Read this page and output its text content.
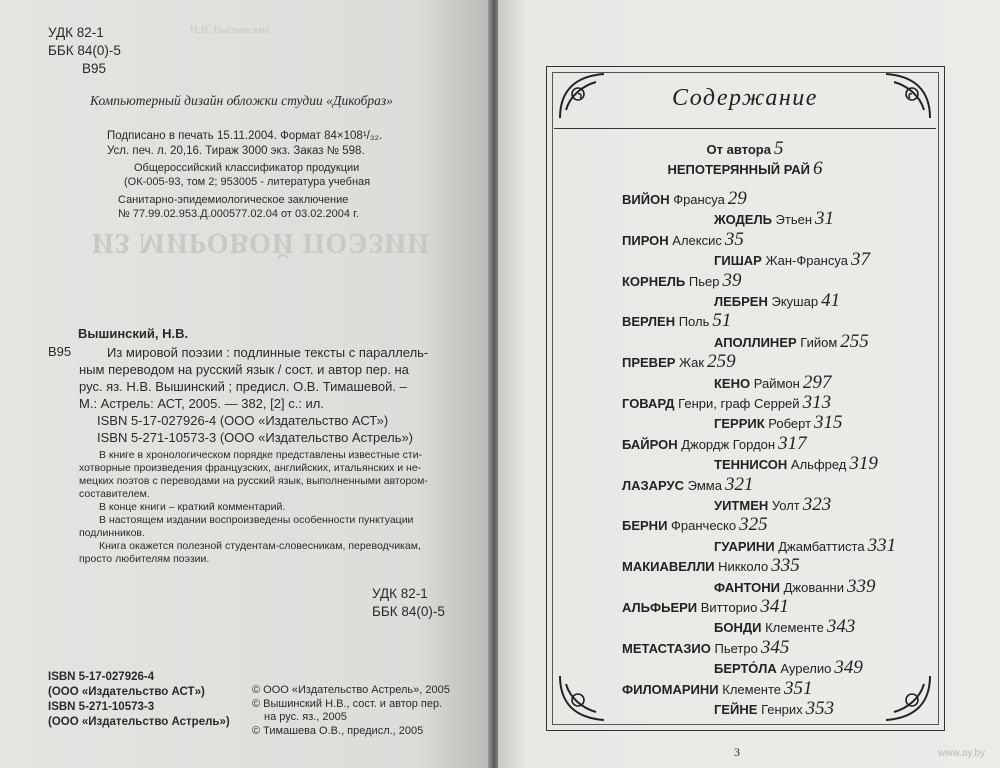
Н.В. Вышинский
ИЗ МИРОВОЙ ПОЭЗИИ
УДК 82-1
ББК 84(0)-5
В95
Компьютерный дизайн обложки студии «Дикобраз»
Подписано в печать 15.11.2004. Формат 84×108¹/₃₂.
Усл. печ. л. 20,16. Тираж 3000 экз. Заказ № 598.
Общероссийский классификатор продукции
(ОК-005-93, том 2; 953005 - литература учебная
Санитарно-эпидемиологическое заключение
№ 77.99.02.953.Д.000577.02.04 от 03.02.2004 г.
Вышинский, Н.В.
В95	Из мировой поэзии : подлинные тексты с параллель-
ным переводом на русский язык / сост. и автор пер. на
рус. яз. Н.В. Вышинский ; предисл. О.В. Тимашевой. –
М.: Астрель: АСТ, 2005. — 382, [2] с.: ил.
ISBN 5-17-027926-4 (ООО «Издательство АСТ»)
ISBN 5-271-10573-3 (ООО «Издательство Астрель»)
В книге в хронологическом порядке представлены известные сти-
хотворные произведения французских, английских, итальянских и не-
мецких поэтов с переводами на русский язык, выполненными автором-
составителем.
В конце книги – краткий комментарий.
В настоящем издании воспроизведены особенности пунктуации
подлинников.
Книга окажется полезной студентам-словесникам, переводчикам,
просто любителям поэзии.
УДК 82-1
ББК 84(0)-5
ISBN 5-17-027926-4
(ООО «Издательство АСТ»)
ISBN 5-271-10573-3
(ООО «Издательство Астрель»)
© ООО «Издательство Астрель», 2005
© Вышинский Н.В., сост. и автор пер.
на рус. яз., 2005
© Тимашева О.В., предисл., 2005
Содержание
От автора 5
НЕПОТЕРЯННЫЙ РАЙ 6
ВИЙОН Франсуа 29
ЖОДЕЛЬ Этьен 31
ПИРОН Алексис 35
ГИШАР Жан-Франсуа 37
КОРНЕЛЬ Пьер 39
ЛЕБРЕН Экушар 41
ВЕРЛЕН Поль 51
АПОЛЛИНЕР Гийом 255
ПРЕВЕР Жак 259
КЕНО Раймон 297
ГОВАРД Генри, граф Серрей 313
ГЕРРИК Роберт 315
БАЙРОН Джордж Гордон 317
ТЕННИСОН Альфред 319
ЛАЗАРУС Эмма 321
УИТМЕН Уолт 323
БЕРНИ Франческо 325
ГУАРИНИ Джамбаттиста 331
МАКИАВЕЛЛИ Никколо 335
ФАНТОНИ Джованни 339
АЛЬФЬЕРИ Витторио 341
БОНДИ Клементе 343
МЕТАСТАЗИО Пьетро 345
БЕРТО́ЛА Аурелио 349
ФИЛОМАРИНИ Клементе 351
ГЕЙНЕ Генрих 353
3	www.ay.by
